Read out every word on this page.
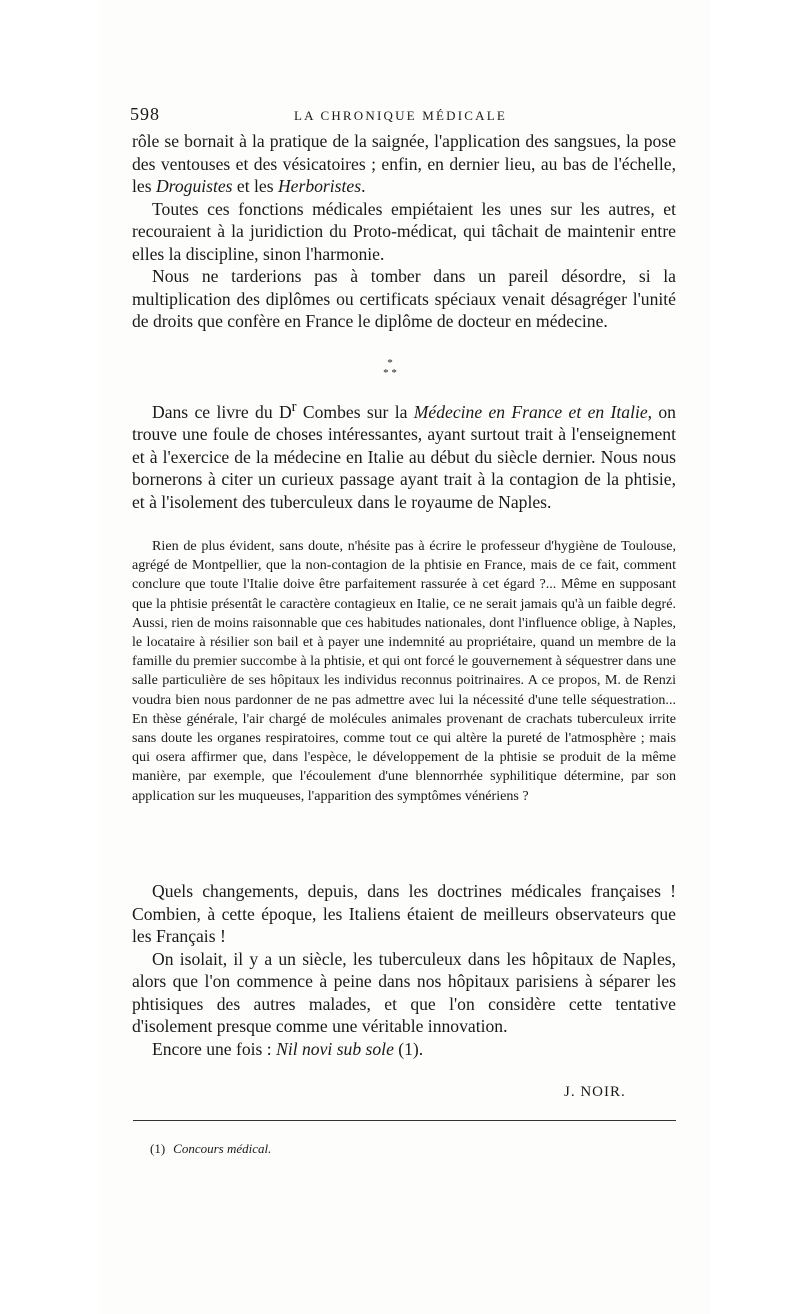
598	LA CHRONIQUE MÉDICALE

rôle se bornait à la pratique de la saignée, l'application des sangsues, la pose des ventouses et des vésicatoires ; enfin, en dernier lieu, au bas de l'échelle, les Droguistes et les Herboristes.

Toutes ces fonctions médicales empiétaient les unes sur les autres, et recouraient à la juridiction du Proto-médicat, qui tâchait de maintenir entre elles la discipline, sinon l'harmonie.

Nous ne tarderions pas à tomber dans un pareil désordre, si la multiplication des diplômes ou certificats spéciaux venait désagréger l'unité de droits que confère en France le diplôme de docteur en médecine.

*
* *

Dans ce livre du $D^r$ Combes sur la Médecine en France et en Italie, on trouve une foule de choses intéressantes, ayant surtout trait à l'enseignement et à l'exercice de la médecine en Italie au début du siècle dernier. Nous nous bornerons à citer un curieux passage ayant trait à la contagion de la phtisie, et à l'isolement des tuberculeux dans le royaume de Naples.

Rien de plus évident, sans doute, n'hésite pas à écrire le professeur d'hygiène de Toulouse, agrégé de Montpellier, que la non-contagion de la phtisie en France, mais de ce fait, comment conclure que toute l'Italie doive être parfaitement rassurée à cet égard ?... Même en supposant que la phtisie présentât le caractère contagieux en Italie, ce ne serait jamais qu'à un faible degré. Aussi, rien de moins raisonnable que ces habitudes nationales, dont l'influence oblige, à Naples, le locataire à résilier son bail et à payer une indemnité au propriétaire, quand un membre de la famille du premier succombe à la phtisie, et qui ont forcé le gouvernement à séquestrer dans une salle particulière de ses hôpitaux les individus reconnus poitrinaires. A ce propos, M. de Renzi voudra bien nous pardonner de ne pas admettre avec lui la nécessité d'une telle séquestration... En thèse générale, l'air chargé de molécules animales provenant de crachats tuberculeux irrite sans doute les organes respiratoires, comme tout ce qui altère la pureté de l'atmosphère ; mais qui osera affirmer que, dans l'espèce, le développement de la phtisie se produit de la même manière, par exemple, que l'écoulement d'une blennorrhée syphilitique détermine, par son application sur les muqueuses, l'apparition des symptômes vénériens ?

Quels changements, depuis, dans les doctrines médicales françaises ! Combien, à cette époque, les Italiens étaient de meilleurs observateurs que les Français !

On isolait, il y a un siècle, les tuberculeux dans les hôpitaux de Naples, alors que l'on commence à peine dans nos hôpitaux parisiens à séparer les phtisiques des autres malades, et que l'on considère cette tentative d'isolement presque comme une véritable innovation.

Encore une fois : Nil novi sub sole (1).

J. NOIR.
(1) Concours médical.
